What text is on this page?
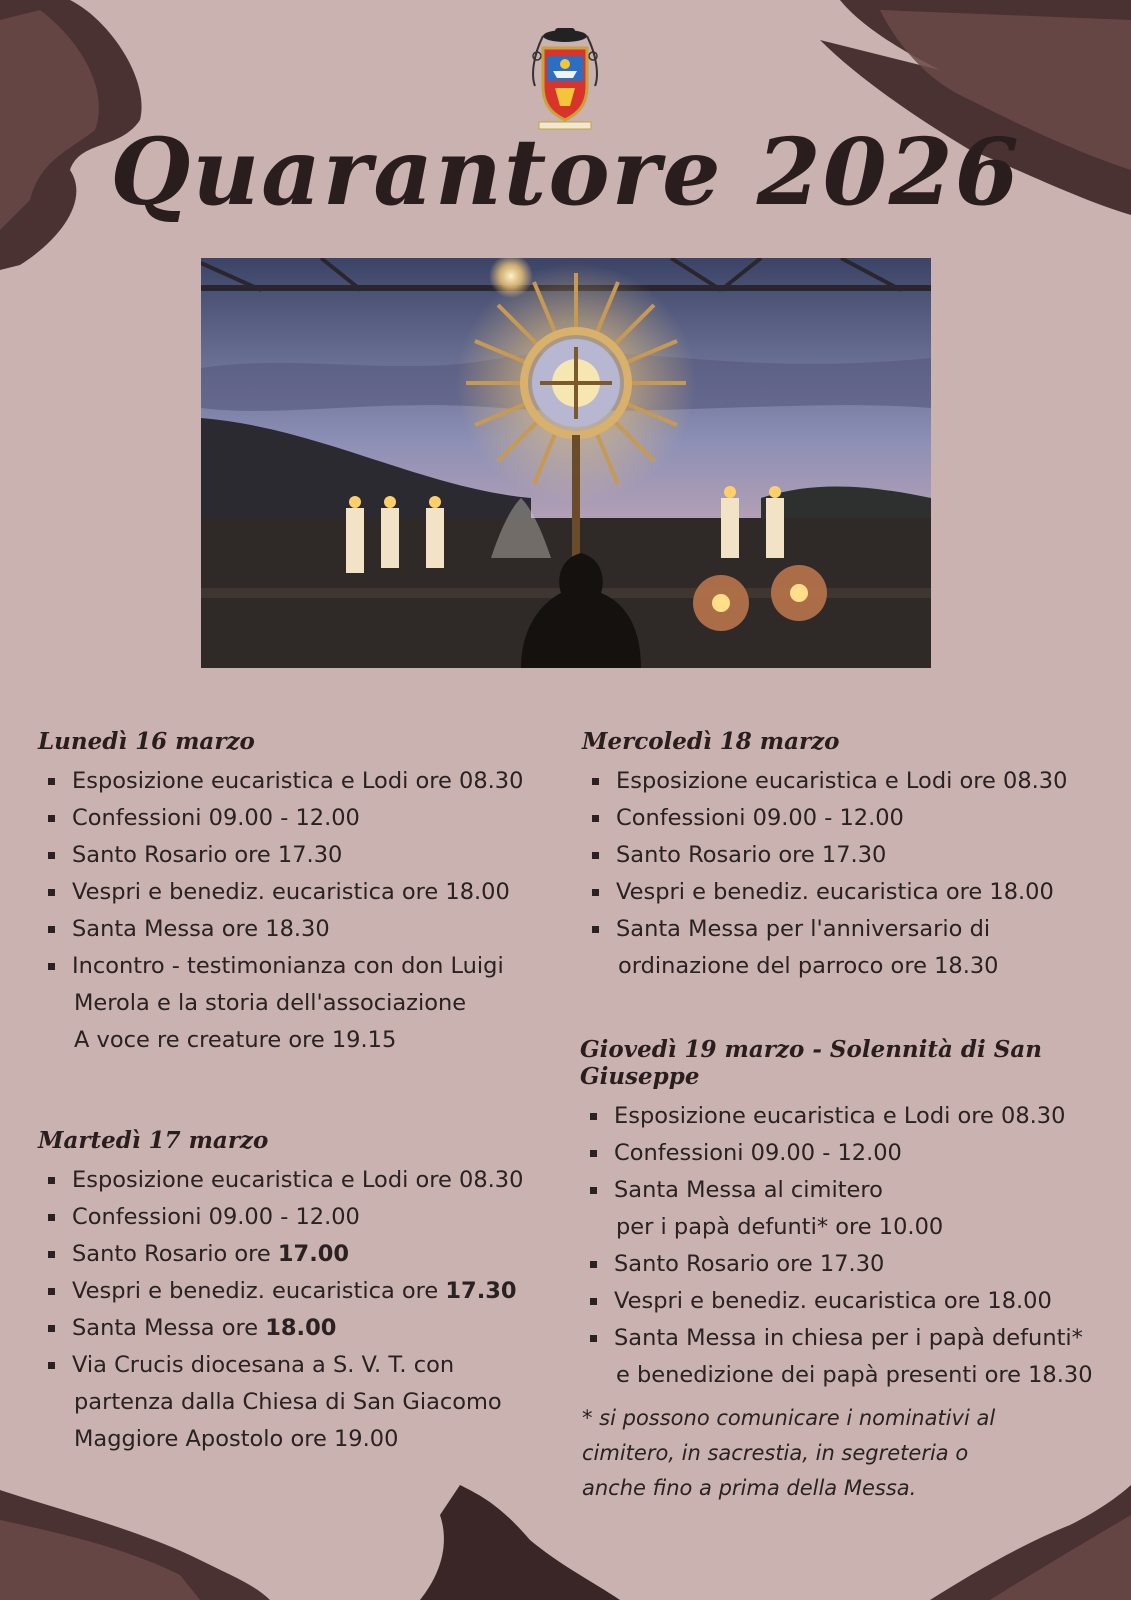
Quarantore 2026
Lunedì 16 marzo
Esposizione eucaristica e Lodi ore 08.30
Confessioni 09.00 - 12.00
Santo Rosario ore 17.30
Vespri e benediz. eucaristica ore 18.00
Santa Messa ore 18.30
Incontro - testimonianza con don Luigi
Merola e la storia dell'associazione
A voce re creature ore 19.15
Martedì 17 marzo
Esposizione eucaristica e Lodi ore 08.30
Confessioni 09.00 - 12.00
Santo Rosario ore 17.00
Vespri e benediz. eucaristica ore 17.30
Santa Messa ore 18.00
Via Crucis diocesana a S. V. T. con
partenza dalla Chiesa di San Giacomo
Maggiore Apostolo ore 19.00
Mercoledì 18 marzo
Esposizione eucaristica e Lodi ore 08.30
Confessioni 09.00 - 12.00
Santo Rosario ore 17.30
Vespri e benediz. eucaristica ore 18.00
Santa Messa per l'anniversario di
ordinazione del parroco ore 18.30
Giovedì 19 marzo - Solennità di San Giuseppe
Esposizione eucaristica e Lodi ore 08.30
Confessioni 09.00 - 12.00
Santa Messa al cimitero
per i papà defunti* ore 10.00
Santo Rosario ore 17.30
Vespri e benediz. eucaristica ore 18.00
Santa Messa in chiesa per i papà defunti*
e benedizione dei papà presenti ore 18.30

* si possono comunicare i nominativi al cimitero, in sacrestia, in segreteria o anche fino a prima della Messa.
